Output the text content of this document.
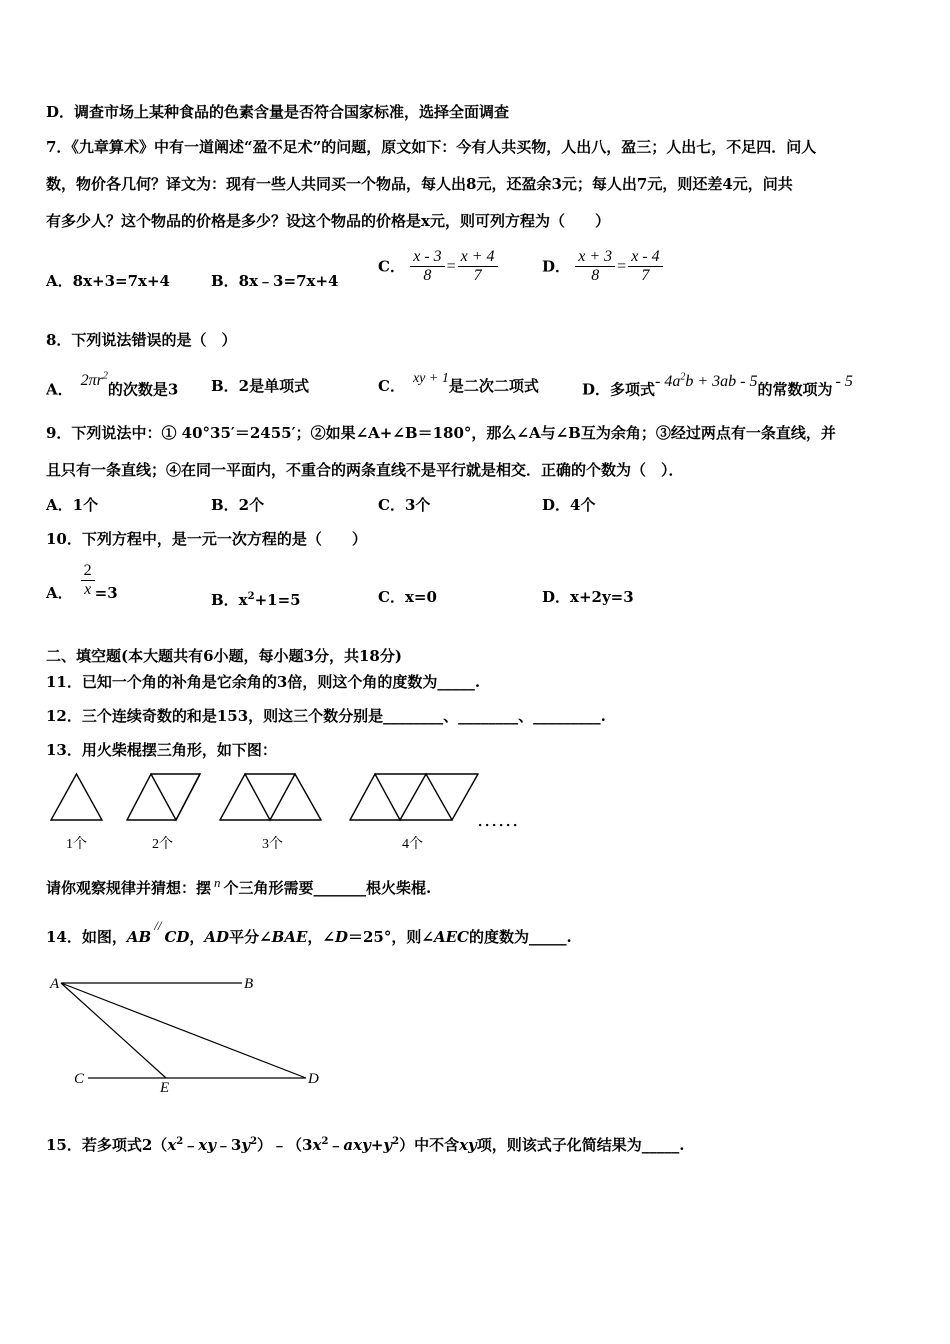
D．调查市场上某种食品的色素含量是否符合国家标准，选择全面调查
7．《九章算术》中有一道阐述“盈不足术”的问题，原文如下：今有人共买物，人出八，盈三；人出七，不足四．问人
数，物价各几何？译文为：现有一些人共同买一个物品，每人出8元，还盈余3元；每人出7元，则还差4元，问共
有多少人？这个物品的价格是多少？设这个物品的价格是x元，则可列方程为（　　）
A．8x+3=7x+4	B．8x﹣3=7x+4
C． $\frac{x - 3}{8} = \frac{x + 4}{7}$	D． $\frac{x + 3}{8} = \frac{x - 4}{7}$
8．下列说法错误的是（　）
A． $2\pi r^2$的次数是3 B．2是单项式	C． xy + 1是二次二项式	D．多项式- $4a^2b + 3ab - 5$的常数项为 - 5
9．下列说法中：① 40°35′＝2455′；②如果∠A+∠B＝180°，那么∠A与∠B互为余角；③经过两点有一条直线，并
且只有一条直线；④在同一平面内，不重合的两条直线不是平行就是相交．正确的个数为（　）．
A．1个	B．2个	C．3个	D．4个
10．下列方程中，是一元一次方程的是（　　）
A． $\frac{2}{x} =3$	B．$x^2+1=5$	C．x=0	D．x+2y=3
二、填空题(本大题共有6小题，每小题3分，共18分)
11．已知一个角的补角是它余角的3倍，则这个角的度数为_____.
12．三个连续奇数的和是153，则这三个数分别是________、________、_________.
13．用火柴棍摆三角形，如下图：
1个	2个	3个	4个
．．．．．．
请你观察规律并猜想：摆 n 个三角形需要_______根火柴棍.
14．如图，AB//CD，AD平分∠BAE，∠D＝25°，则∠AEC的度数为_____.
A	B
C	D
E
15．若多项式$2(x^2﹣xy﹣3y^2)﹣(3x^2﹣axy+y^2)$中不含xy项，则该式子化简结果为_____.
